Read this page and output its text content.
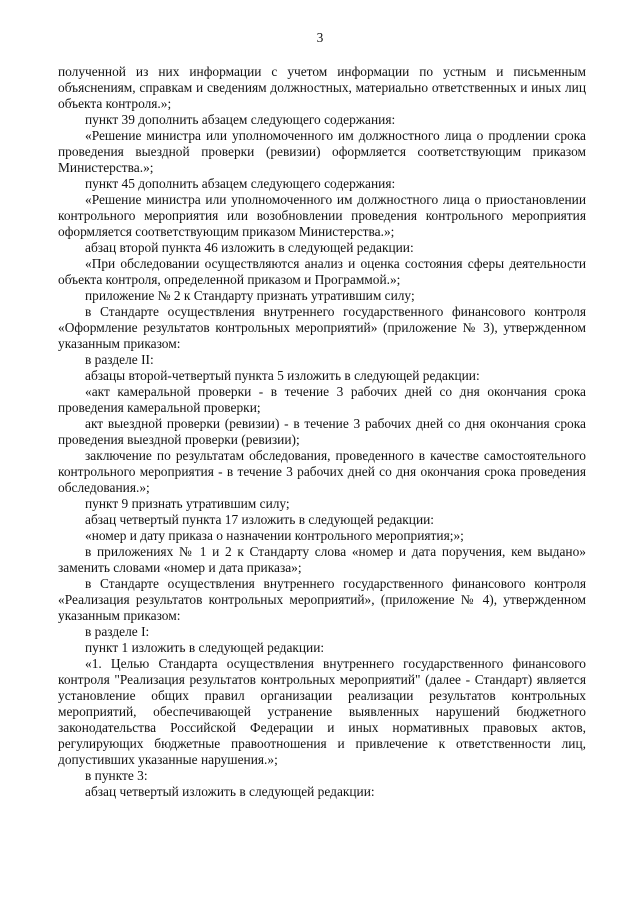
3

полученной из них информации с учетом информации по устным и письменным объяснениям, справкам и сведениям должностных, материально ответственных и иных лиц объекта контроля.»;

пункт 39 дополнить абзацем следующего содержания:

«Решение министра или уполномоченного им должностного лица о продлении срока проведения выездной проверки (ревизии) оформляется соответствующим приказом Министерства.»;

пункт 45 дополнить абзацем следующего содержания:

«Решение министра или уполномоченного им должностного лица о приостановлении контрольного мероприятия или возобновлении проведения контрольного мероприятия оформляется соответствующим приказом Министерства.»;

абзац второй пункта 46 изложить в следующей редакции:

«При обследовании осуществляются анализ и оценка состояния сферы деятельности объекта контроля, определенной приказом и Программой.»;

приложение № 2 к Стандарту признать утратившим силу;

в Стандарте осуществления внутреннего государственного финансового контроля «Оформление результатов контрольных мероприятий» (приложение № 3), утвержденном указанным приказом:

в разделе II:

абзацы второй-четвертый пункта 5 изложить в следующей редакции:

«акт камеральной проверки - в течение 3 рабочих дней со дня окончания срока проведения камеральной проверки;

акт выездной проверки (ревизии) - в течение 3 рабочих дней со дня окончания срока проведения выездной проверки (ревизии);

заключение по результатам обследования, проведенного в качестве самостоятельного контрольного мероприятия - в течение 3 рабочих дней со дня окончания срока проведения обследования.»;

пункт 9 признать утратившим силу;

абзац четвертый пункта 17 изложить в следующей редакции:

«номер и дату приказа о назначении контрольного мероприятия;»;

в приложениях № 1 и 2 к Стандарту слова «номер и дата поручения, кем выдано» заменить словами «номер и дата приказа»;

в Стандарте осуществления внутреннего государственного финансового контроля «Реализация результатов контрольных мероприятий», (приложение № 4), утвержденном указанным приказом:

в разделе I:

пункт 1 изложить в следующей редакции:

«1. Целью Стандарта осуществления внутреннего государственного финансового контроля "Реализация результатов контрольных мероприятий" (далее - Стандарт) является установление общих правил организации реализации результатов контрольных мероприятий, обеспечивающей устранение выявленных нарушений бюджетного законодательства Российской Федерации и иных нормативных правовых актов, регулирующих бюджетные правоотношения и привлечение к ответственности лиц, допустивших указанные нарушения.»;

в пункте 3:

абзац четвертый изложить в следующей редакции:
